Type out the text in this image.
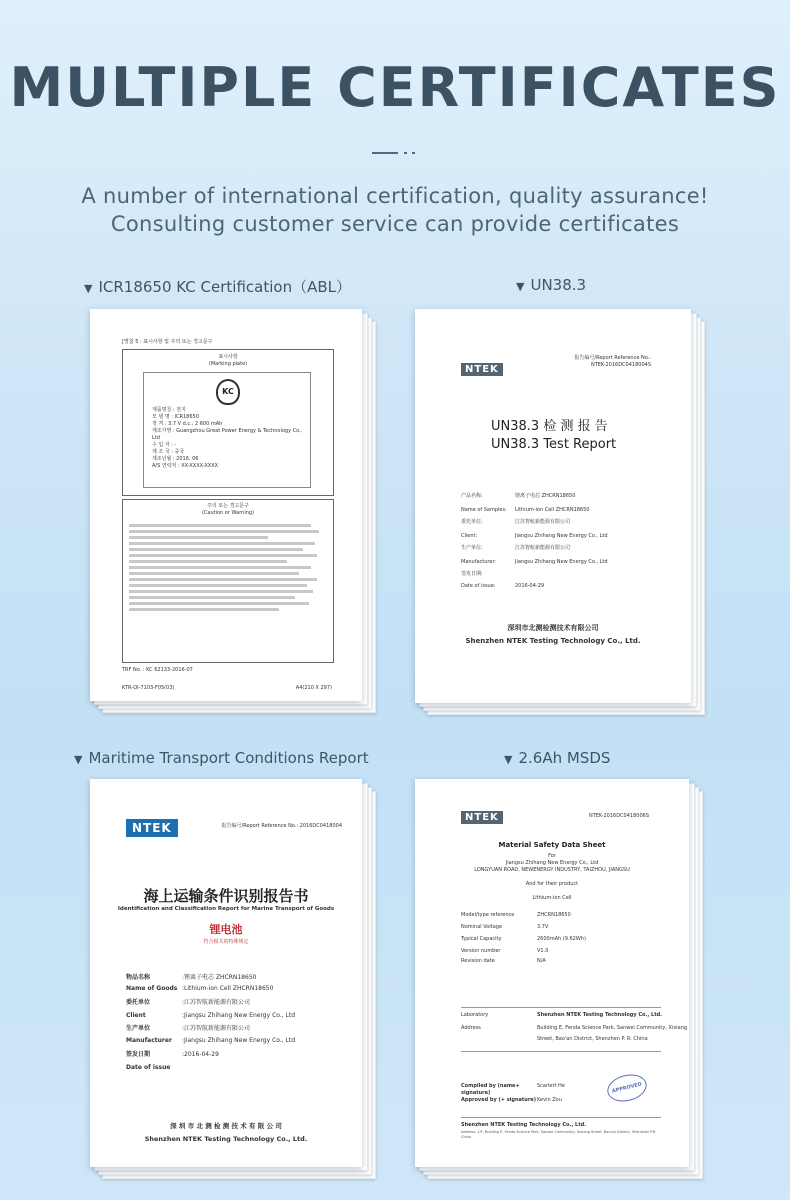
MULTIPLE CERTIFICATES
A number of international certification, quality assurance!
Consulting customer service can provide certificates
▼ ICR18650 KC Certification（ABL）	▼ UN38.3
▼ Maritime Transport Conditions Report	▼ 2.6Ah MSDS
[별첨 5 : 표시사항 및 주의 또는 경고문구
표시사항
(Marking plate)
KC
제품명칭 : 전지
모 델 명 : ICR18650
정 격 : 3.7 V d.c., 2 600 mAh
제조자명 : Guangzhou Great Power Energy & Technology Co.,
Ltd
수 입 자 : -
제 조 국 : 중국
제조년월 : 2016. 06
A/S 연락처 : XX-XXXX-XXXX
주의 또는 경고문구
(Caution or Warning)
TRF No. : KC 62133-2016-07
KTR-QI-7103-F05(03)	A4(210 X 297)
NTEK
报告编号/Report Reference No.:
NTEK-2016DC0418004S
UN38.3 检 测 报 告
UN38.3 Test Report
产品名称:	锂离子电芯 ZHCRN18650
Name of Samples:	Lithium-ion Cell ZHCRN18650
委托单位:	江苏智航新能源有限公司
Client:	Jiangsu Zhihang New Energy Co., Ltd
生产单位:	江苏智航新能源有限公司
Manufacturer:	Jiangsu Zhihang New Energy Co., Ltd
签发日期:
Date of issue:	2016-04-29
深圳市北测检测技术有限公司
Shenzhen NTEK Testing Technology Co., Ltd.
NTEK	报告编号/Report Reference No.: 2016DC0418004
海上运输条件识别报告书
Identification and Classification Report for Marine Transport of Goods
锂电池
符合相关的特殊规定
物品名称	: 锂离子电芯 ZHCRN18650
Name of Goods : Lithium-ion Cell ZHCRN18650
委托单位	: 江苏智航新能源有限公司
Client	: Jiangsu Zhihang New Energy Co., Ltd
生产单位	: 江苏智航新能源有限公司
Manufacturer	: Jiangsu Zhihang New Energy Co., Ltd
签发日期	: 2016-04-29
Date of issue
深 圳 市 北 测 检 测 技 术 有 限 公 司
Shenzhen NTEK Testing Technology Co., Ltd.
NTEK	NTEK-2016DC0418006S
Material Safety Data Sheet
For
Jiangsu Zhihang New Energy Co., Ltd
LONGYUAN ROAD, NEWENERGY INDUSTRY, TAIZHOU, JIANGSU
And for their product
Lithium-ion Cell
Model/type reference	ZHCRN18650
Nominal Voltage	3.7V
Typical Capacity	2600mAh (9.62Wh)
Version number	V1.0
Revision date	N/A
Laboratory	Shenzhen NTEK Testing Technology Co., Ltd.
Address	Building E, Fenda Science Park, Sanwei Community, Xixiang
Street, Bao'an District, Shenzhen P. R. China
Compiled by (name+ signature)
Scarlett He
Approved by (+ signature) Kevin Zou
APPROVED
Shenzhen NTEK Testing Technology Co., Ltd.
Address: 1/F, Building E, Fenda Science Park, Sanwei Community, Xixiang Street, Bao'an District, Shenzhen P.R. China
